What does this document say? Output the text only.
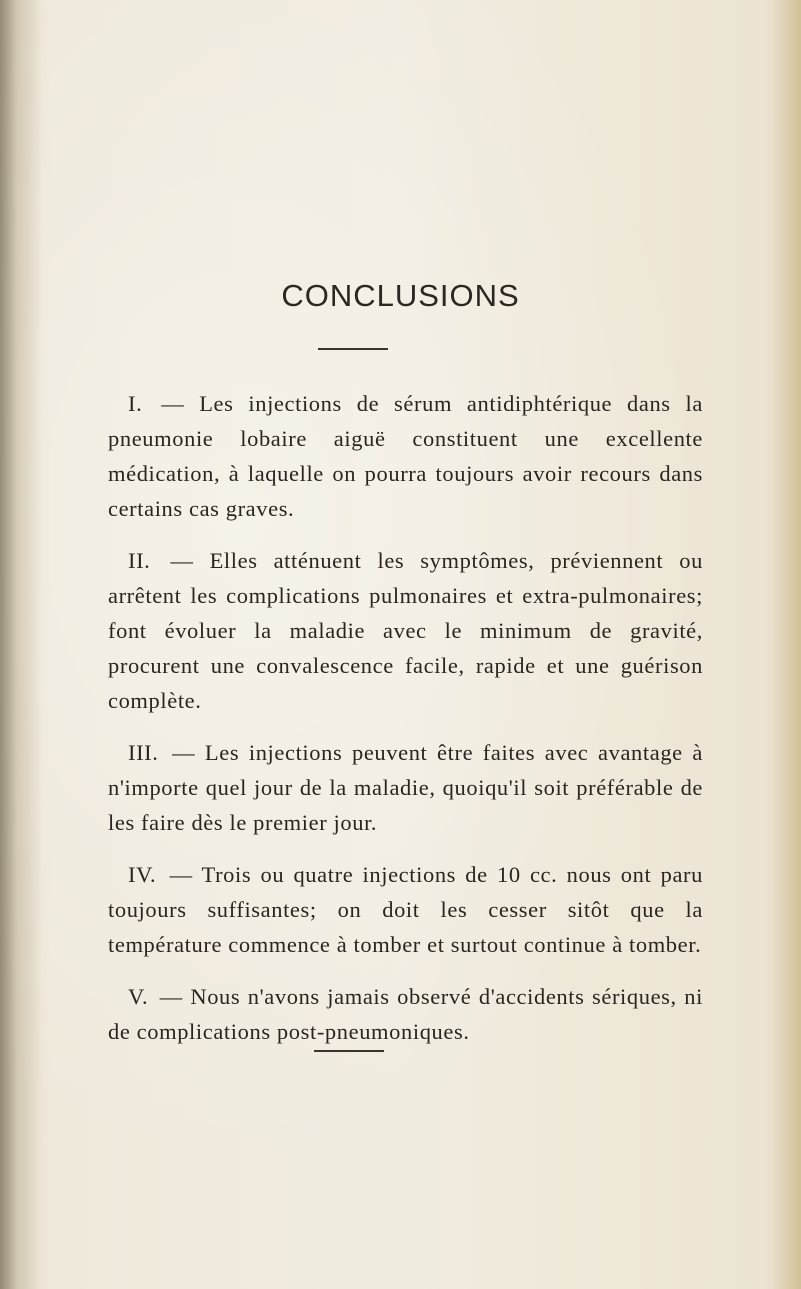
CONCLUSIONS

I. — Les injections de sérum antidiphtérique dans la pneumonie lobaire aiguë constituent une excellente médication, à laquelle on pourra toujours avoir recours dans certains cas graves.

II. — Elles atténuent les symptômes, préviennent ou arrêtent les complications pulmonaires et extra-pulmonaires; font évoluer la maladie avec le minimum de gravité, procurent une convalescence facile, rapide et une guérison complète.

III. — Les injections peuvent être faites avec avantage à n'importe quel jour de la maladie, quoiqu'il soit préférable de les faire dès le premier jour.

IV. — Trois ou quatre injections de 10 cc. nous ont paru toujours suffisantes; on doit les cesser sitôt que la température commence à tomber et surtout continue à tomber.

V. — Nous n'avons jamais observé d'accidents sériques, ni de complications post-pneumoniques.
